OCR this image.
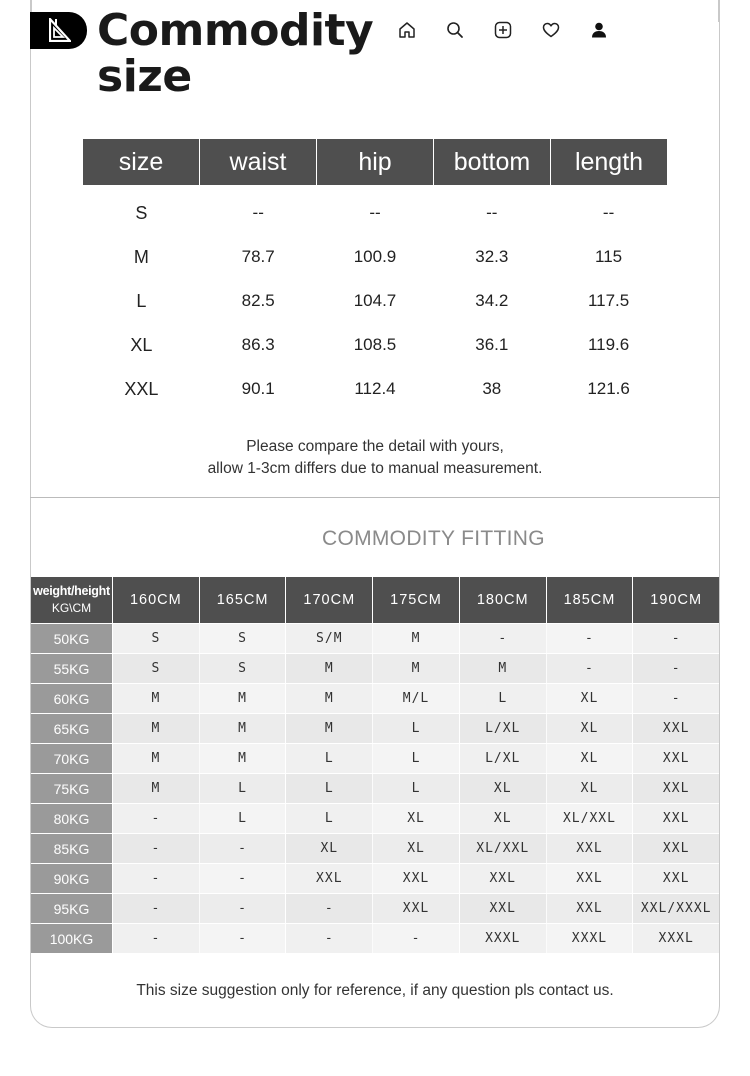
Commodity
size
size	waist	hip	bottom	length
S	--	--	--	--
M	78.7	100.9	32.3	115
L	82.5	104.7	34.2	117.5
XL	86.3	108.5	36.1	119.6
XXL	90.1	112.4	38	121.6
Please compare the detail with yours,
allow 1-3cm differs due to manual measurement.
COMMODITY FITTING
weight/height
KG\CM	160CM	165CM	170CM	175CM	180CM	185CM	190CM
50KG	S	S	S/M	M	-	-	-
55KG	S	S	M	M	M	-	-
60KG	M	M	M	M/L	L	XL	-
65KG	M	M	M	L	L/XL	XL	XXL
70KG	M	M	L	L	L/XL	XL	XXL
75KG	M	L	L	L	XL	XL	XXL
80KG	-	L	L	XL	XL	XL/XXL	XXL
85KG	-	-	XL	XL	XL/XXL	XXL	XXL
90KG	-	-	XXL	XXL	XXL	XXL	XXL
95KG	-	-	-	XXL	XXL	XXL	XXL/XXXL
100KG	-	-	-	-	XXXL	XXXL	XXXL
This size suggestion only for reference, if any question pls contact us.
